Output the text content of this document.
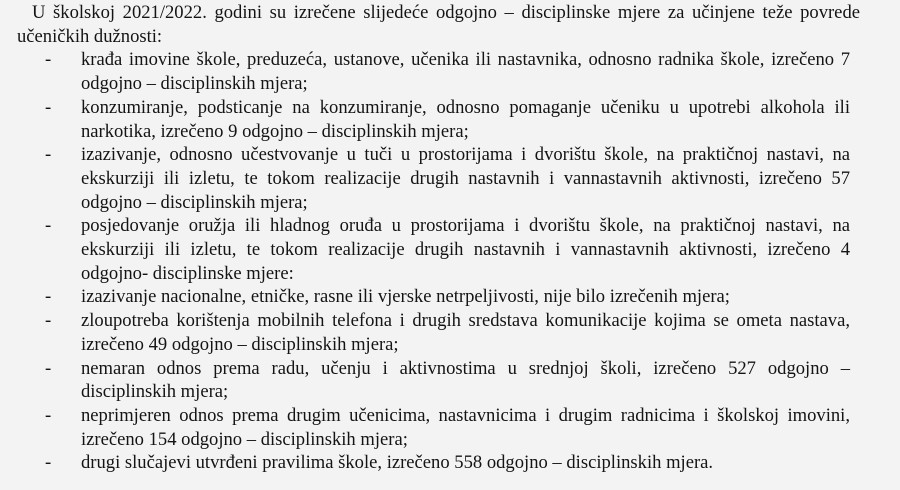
U školskoj 2021/2022. godini su izrečene slijedeće odgojno – disciplinske mjere za učinjene teže povrede učeničkih dužnosti:

- krađa imovine škole, preduzeća, ustanove, učenika ili nastavnika, odnosno radnika škole, izrečeno 7 odgojno – disciplinskih mjera;
- konzumiranje, podsticanje na konzumiranje, odnosno pomaganje učeniku u upotrebi alkohola ili narkotika, izrečeno 9 odgojno – disciplinskih mjera;
- izazivanje, odnosno učestvovanje u tuči u prostorijama i dvorištu škole, na praktičnoj nastavi, na ekskurziji ili izletu, te tokom realizacije drugih nastavnih i vannastavnih aktivnosti, izrečeno 57 odgojno – disciplinskih mjera;
- posjedovanje oružja ili hladnog oruđa u prostorijama i dvorištu škole, na praktičnoj nastavi, na ekskurziji ili izletu, te tokom realizacije drugih nastavnih i vannastavnih aktivnosti, izrečeno 4 odgojno- disciplinske mjere:
- izazivanje nacionalne, etničke, rasne ili vjerske netrpeljivosti, nije bilo izrečenih mjera;
- zloupotreba korištenja mobilnih telefona i drugih sredstava komunikacije kojima se ometa nastava, izrečeno 49 odgojno – disciplinskih mjera;
- nemaran odnos prema radu, učenju i aktivnostima u srednjoj školi, izrečeno 527 odgojno – disciplinskih mjera;
- neprimjeren odnos prema drugim učenicima, nastavnicima i drugim radnicima i školskoj imovini, izrečeno 154 odgojno – disciplinskih mjera;
- drugi slučajevi utvrđeni pravilima škole, izrečeno 558 odgojno – disciplinskih mjera.
